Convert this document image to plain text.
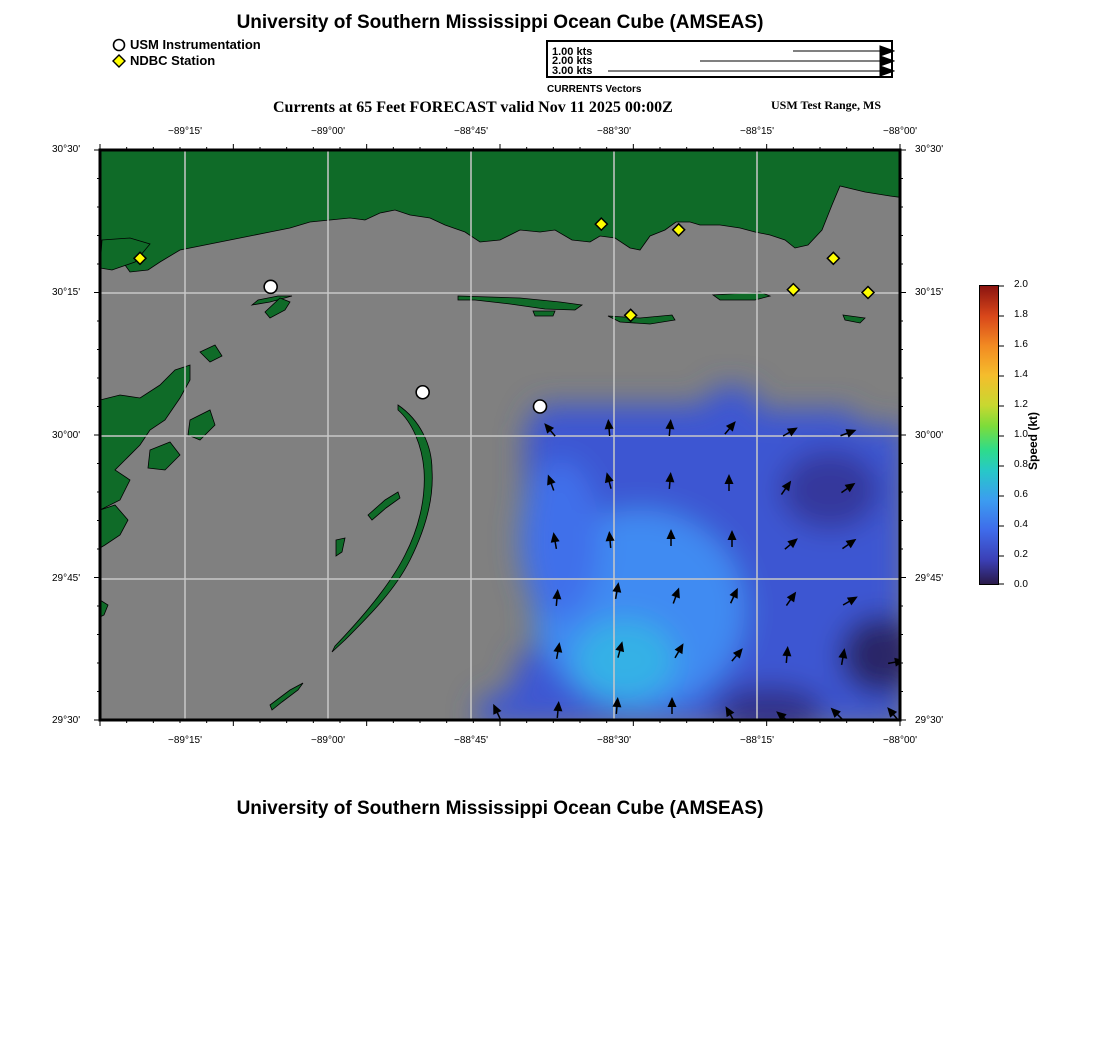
University of Southern Mississippi Ocean Cube (AMSEAS)
University of Southern Mississippi Ocean Cube (AMSEAS)
USM Instrumentation
NDBC Station
1.00 kts
2.00 kts
3.00 kts
CURRENTS Vectors
Currents at 65 Feet FORECAST valid Nov 11 2025 00:00Z	USM Test Range, MS
−89°15'	−89°00'	−88°45'	−88°30'	−88°15'	−88°00'
−89°15'	−89°00'	−88°45'	−88°30'	−88°15'	−88°00'
30°30'
30°15'
30°00'
29°45'
29°30'
30°30'
30°15'
30°00'
29°45'
29°30'
0.0
0.2
0.4
0.6
0.8
1.0
1.2
1.4
1.6
1.8
2.0
Speed (kt)
